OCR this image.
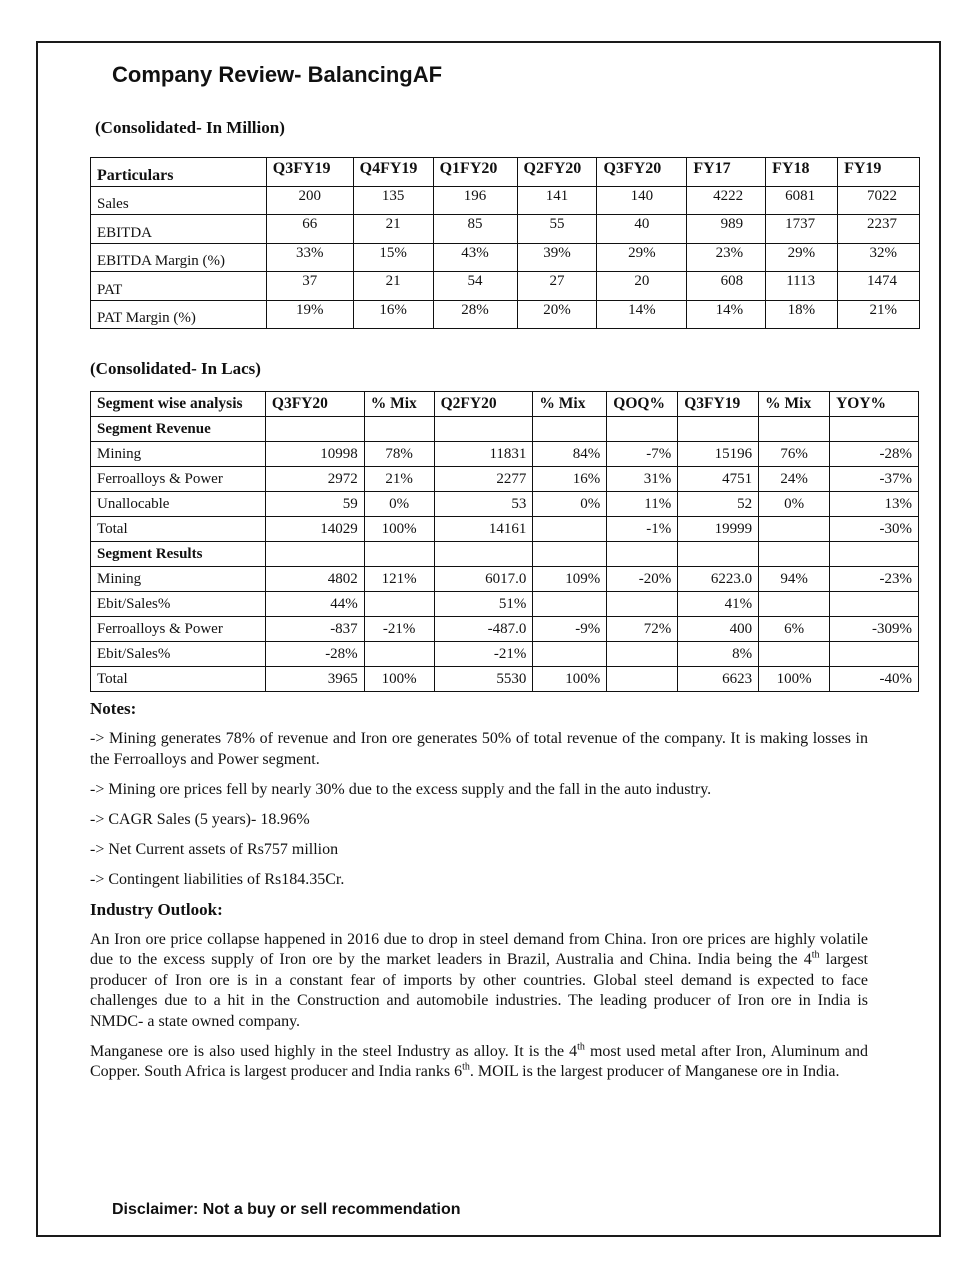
Company Review- BalancingAF
(Consolidated- In Million)
Particulars	Q3FY19	Q4FY19	Q1FY20	Q2FY20	Q3FY20	FY17	FY18	FY19
Sales	200	135	196	141	140	4222	6081	7022
EBITDA	66	21	85	55	40	989	1737	2237
EBITDA Margin (%)	33%	15%	43%	39%	29%	23%	29%	32%
PAT	37	21	54	27	20	608	1113	1474
PAT Margin (%)	19%	16%	28%	20%	14%	14%	18%	21%
(Consolidated- In Lacs)
Segment wise analysis	Q3FY20	% Mix	Q2FY20	% Mix	QOQ%	Q3FY19	% Mix	YOY%
Segment Revenue								
Mining	10998	78%	11831	84%	-7%	15196	76%	-28%
Ferroalloys & Power	2972	21%	2277	16%	31%	4751	24%	-37%
Unallocable	59	0%	53	0%	11%	52	0%	13%
Total	14029	100%	14161		-1%	19999		-30%
Segment Results								
Mining	4802	121%	6017.0	109%	-20%	6223.0	94%	-23%
Ebit/Sales%	44%		51%			41%		
Ferroalloys & Power	-837	-21%	-487.0	-9%	72%	400	6%	-309%
Ebit/Sales%	-28%		-21%			8%		
Total	3965	100%	5530	100%		6623	100%	-40%

Notes:

-> Mining generates 78% of revenue and Iron ore generates 50% of total revenue of the company. It is making losses in the Ferroalloys and Power segment.

-> Mining ore prices fell by nearly 30% due to the excess supply and the fall in the auto industry.

-> CAGR Sales (5 years)- 18.96%

-> Net Current assets of Rs757 million

-> Contingent liabilities of Rs184.35Cr.

Industry Outlook:

An Iron ore price collapse happened in 2016 due to drop in steel demand from China. Iron ore prices are highly volatile due to the excess supply of Iron ore by the market leaders in Brazil, Australia and China. India being the 4th largest producer of Iron ore is in a constant fear of imports by other countries. Global steel demand is expected to face challenges due to a hit in the Construction and automobile industries. The leading producer of Iron ore in India is NMDC- a state owned company.

Manganese ore is also used highly in the steel Industry as alloy. It is the 4th most used metal after Iron, Aluminum and Copper. South Africa is largest producer and India ranks 6th. MOIL is the largest producer of Manganese ore in India.

Disclaimer: Not a buy or sell recommendation
